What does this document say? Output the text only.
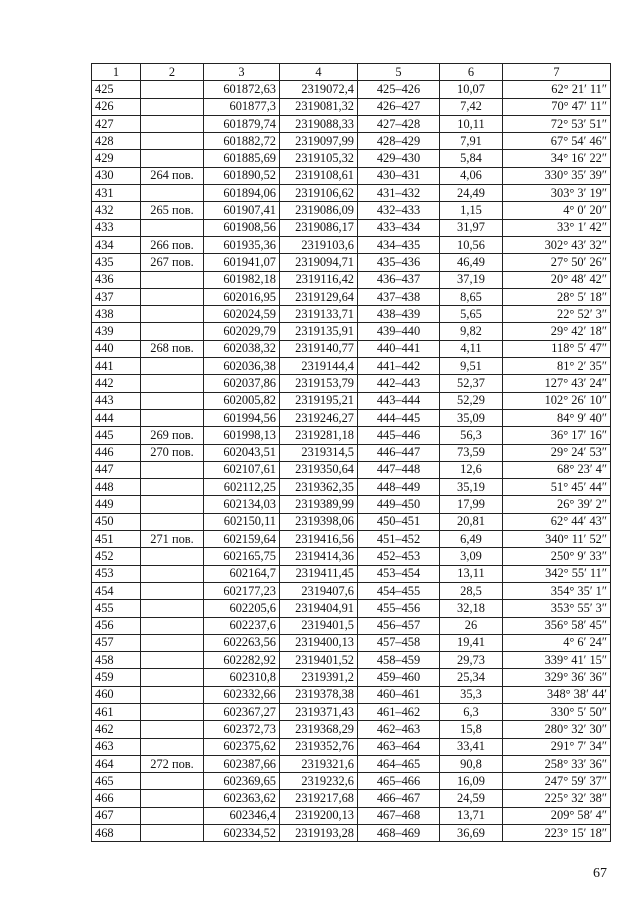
1	2	3	4	5	6	7
425		601872,63	2319072,4	425–426	10,07	62° 21′ 11″
426		601877,3	2319081,32	426–427	7,42	70° 47′ 11″
427		601879,74	2319088,33	427–428	10,11	72° 53′ 51″
428		601882,72	2319097,99	428–429	7,91	67° 54′ 46″
429		601885,69	2319105,32	429–430	5,84	34° 16′ 22″
430	264 пов.	601890,52	2319108,61	430–431	4,06	330° 35′ 39″
431		601894,06	2319106,62	431–432	24,49	303° 3′ 19″
432	265 пов.	601907,41	2319086,09	432–433	1,15	4° 0′ 20″
433		601908,56	2319086,17	433–434	31,97	33° 1′ 42″
434	266 пов.	601935,36	2319103,6	434–435	10,56	302° 43′ 32″
435	267 пов.	601941,07	2319094,71	435–436	46,49	27° 50′ 26″
436		601982,18	2319116,42	436–437	37,19	20° 48′ 42″
437		602016,95	2319129,64	437–438	8,65	28° 5′ 18″
438		602024,59	2319133,71	438–439	5,65	22° 52′ 3″
439		602029,79	2319135,91	439–440	9,82	29° 42′ 18″
440	268 пов.	602038,32	2319140,77	440–441	4,11	118° 5′ 47″
441		602036,38	2319144,4	441–442	9,51	81° 2′ 35″
442		602037,86	2319153,79	442–443	52,37	127° 43′ 24″
443		602005,82	2319195,21	443–444	52,29	102° 26′ 10″
444		601994,56	2319246,27	444–445	35,09	84° 9′ 40″
445	269 пов.	601998,13	2319281,18	445–446	56,3	36° 17′ 16″
446	270 пов.	602043,51	2319314,5	446–447	73,59	29° 24′ 53″
447		602107,61	2319350,64	447–448	12,6	68° 23′ 4″
448		602112,25	2319362,35	448–449	35,19	51° 45′ 44″
449		602134,03	2319389,99	449–450	17,99	26° 39′ 2″
450		602150,11	2319398,06	450–451	20,81	62° 44′ 43″
451	271 пов.	602159,64	2319416,56	451–452	6,49	340° 11′ 52″
452		602165,75	2319414,36	452–453	3,09	250° 9′ 33″
453		602164,7	2319411,45	453–454	13,11	342° 55′ 11″
454		602177,23	2319407,6	454–455	28,5	354° 35′ 1″
455		602205,6	2319404,91	455–456	32,18	353° 55′ 3″
456		602237,6	2319401,5	456–457	26	356° 58′ 45″
457		602263,56	2319400,13	457–458	19,41	4° 6′ 24″
458		602282,92	2319401,52	458–459	29,73	339° 41′ 15″
459		602310,8	2319391,2	459–460	25,34	329° 36′ 36″
460		602332,66	2319378,38	460–461	35,3	348° 38′ 44′
461		602367,27	2319371,43	461–462	6,3	330° 5′ 50″
462		602372,73	2319368,29	462–463	15,8	280° 32′ 30″
463		602375,62	2319352,76	463–464	33,41	291° 7′ 34″
464	272 пов.	602387,66	2319321,6	464–465	90,8	258° 33′ 36″
465		602369,65	2319232,6	465–466	16,09	247° 59′ 37″
466		602363,62	2319217,68	466–467	24,59	225° 32′ 38″
467		602346,4	2319200,13	467–468	13,71	209° 58′ 4″
468		602334,52	2319193,28	468–469	36,69	223° 15′ 18″
67
